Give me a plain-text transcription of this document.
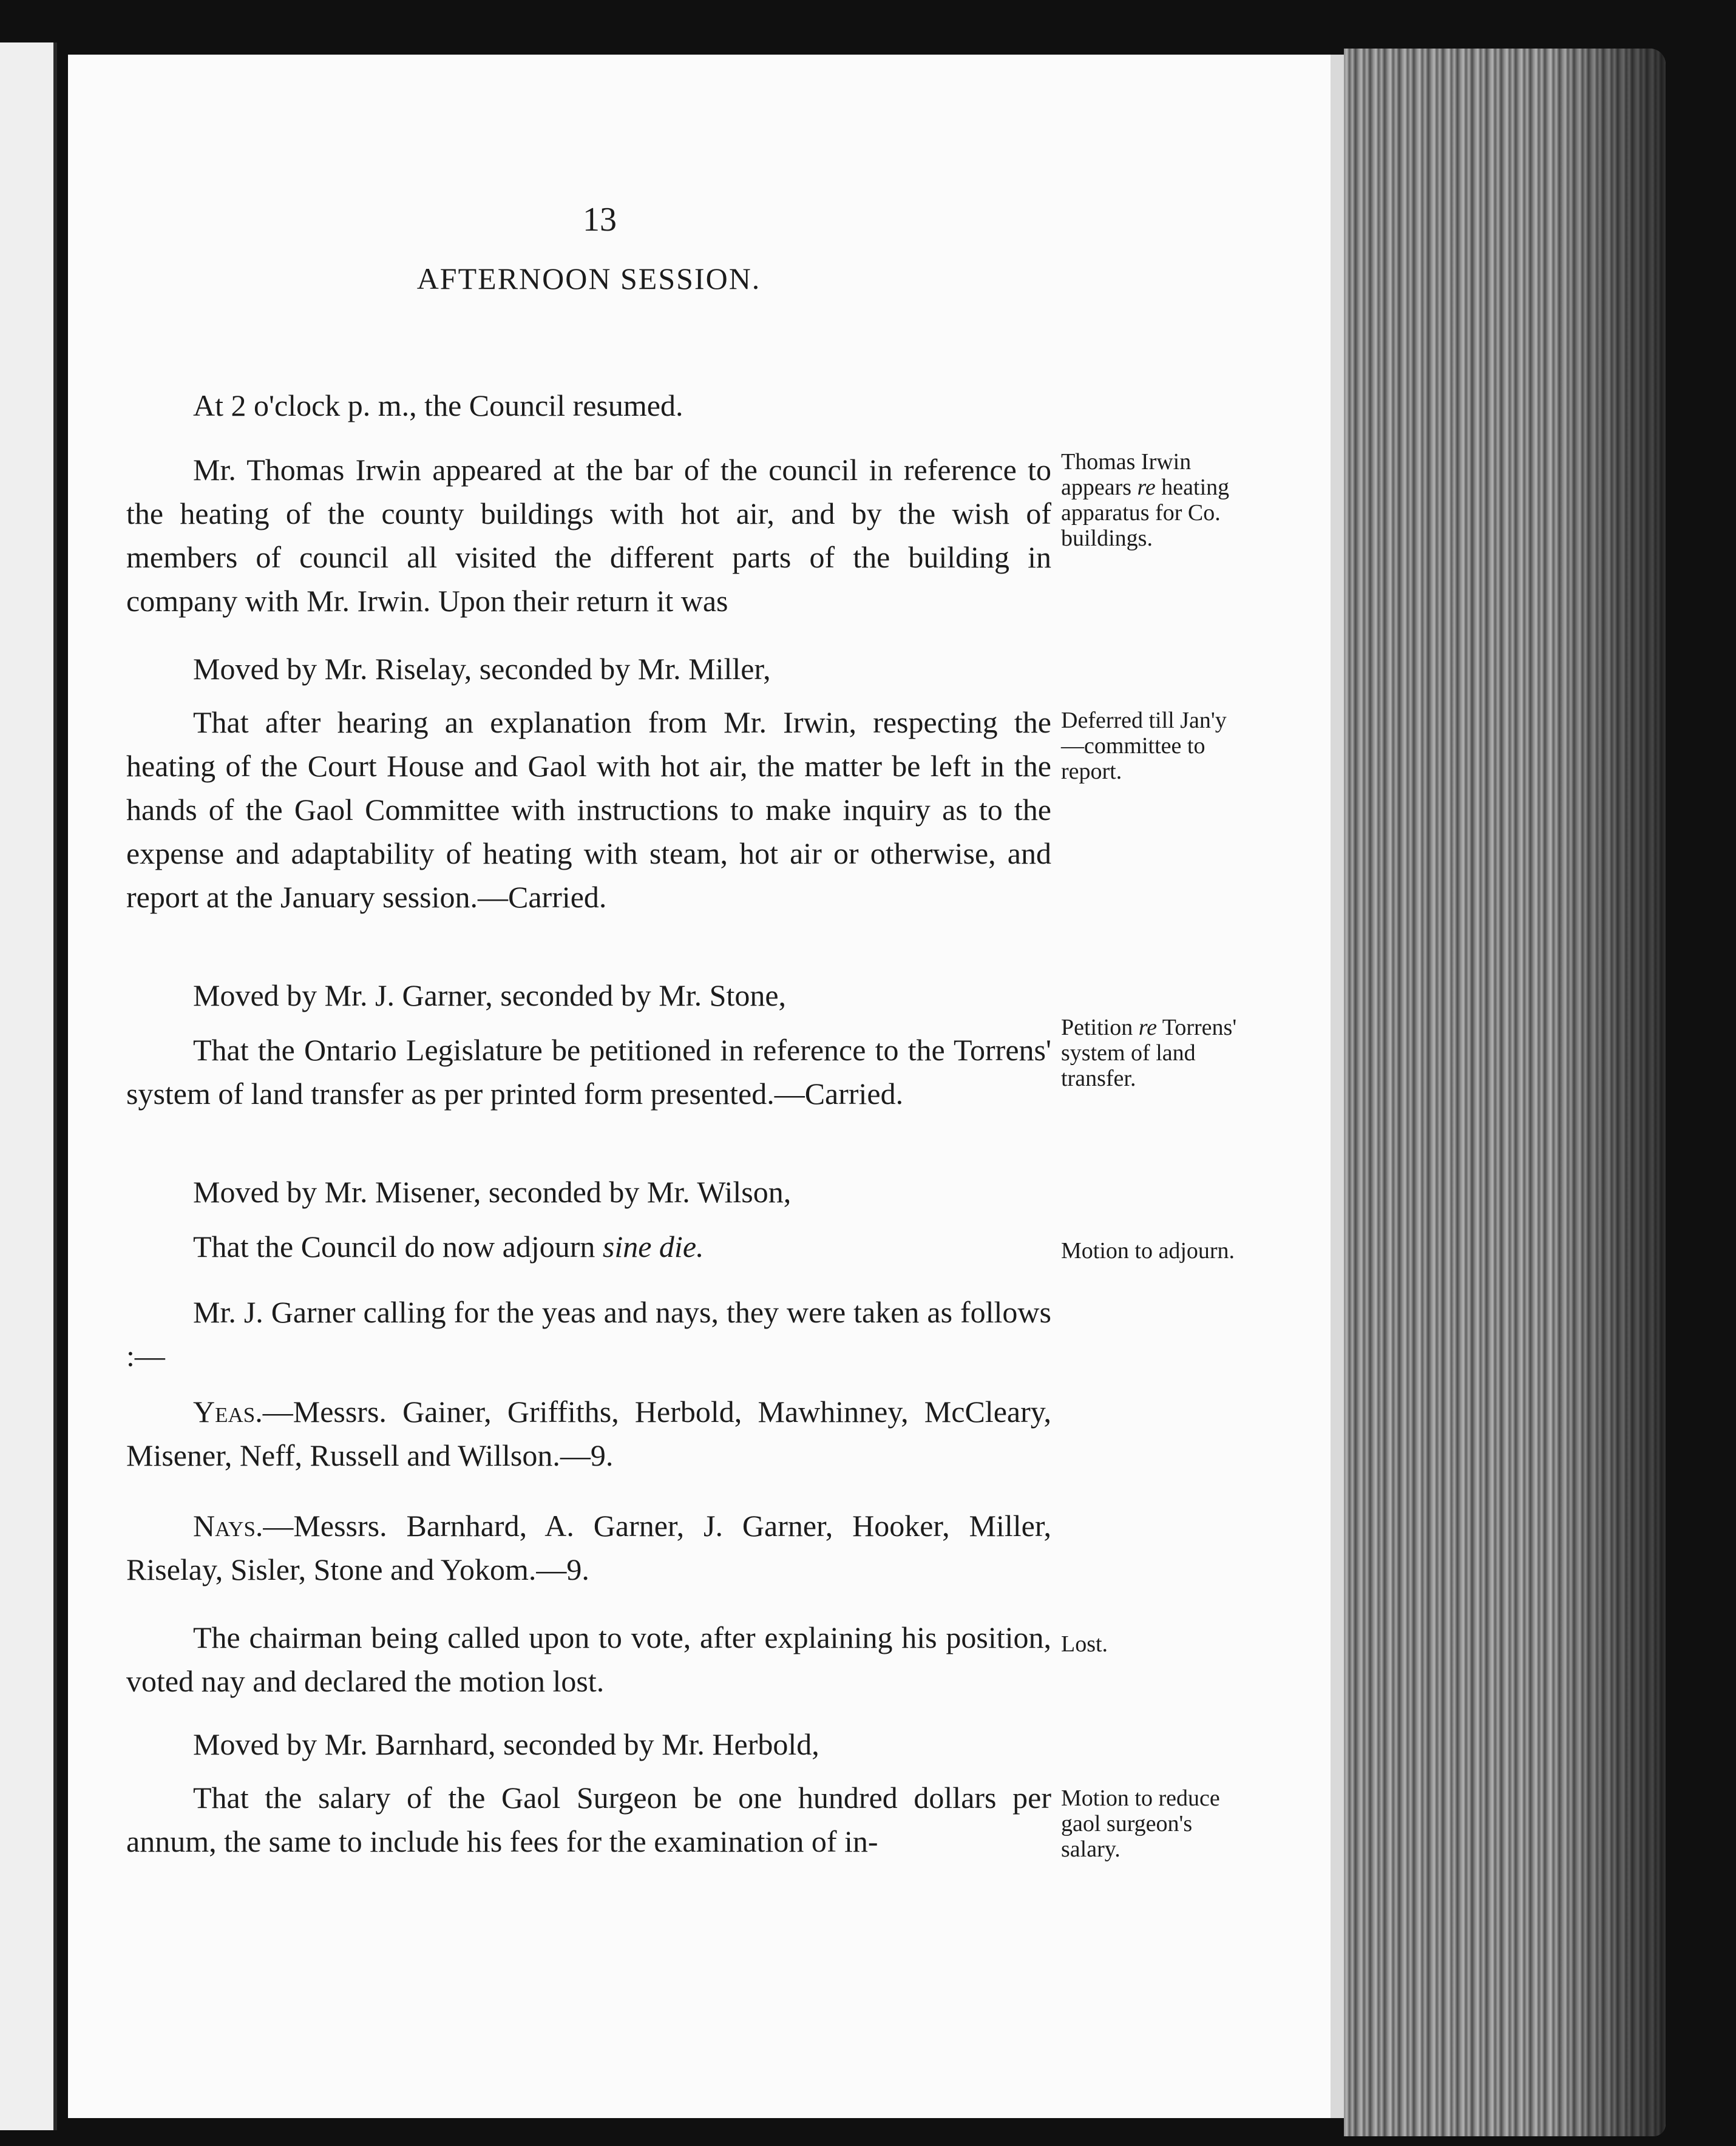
13
AFTERNOON SESSION.
At 2 o'clock p. m., the Council resumed.
Mr. Thomas Irwin appeared at the bar of the council in reference to the heating of the county buildings with hot air, and by the wish of members of council all visited the different parts of the building in company with Mr. Irwin. Upon their return it was
Moved by Mr. Riselay, seconded by Mr. Miller,
That after hearing an explanation from Mr. Irwin, respecting the heating of the Court House and Gaol with hot air, the matter be left in the hands of the Gaol Committee with instructions to make inquiry as to the expense and adaptability of heating with steam, hot air or otherwise, and report at the January session.—Carried.
Moved by Mr. J. Garner, seconded by Mr. Stone,
That the Ontario Legislature be petitioned in reference to the Torrens' system of land transfer as per printed form presented.—Carried.
Moved by Mr. Misener, seconded by Mr. Wilson,
That the Council do now adjourn sine die.
Mr. J. Garner calling for the yeas and nays, they were taken as follows :—
Yeas.—Messrs. Gainer, Griffiths, Herbold, Mawhinney, McCleary, Misener, Neff, Russell and Willson.—9.
Nays.—Messrs. Barnhard, A. Garner, J. Garner, Hooker, Miller, Riselay, Sisler, Stone and Yokom.—9.
The chairman being called upon to vote, after explaining his position, voted nay and declared the motion lost.
Moved by Mr. Barnhard, seconded by Mr. Herbold,
That the salary of the Gaol Surgeon be one hundred dollars per annum, the same to include his fees for the examination of in-
Thomas Irwin appears re heating apparatus for Co. buildings.
Deferred till Jan'y—committee to report.
Petition re Torrens' system of land transfer.
Motion to adjourn.
Lost.
Motion to reduce gaol surgeon's salary.
